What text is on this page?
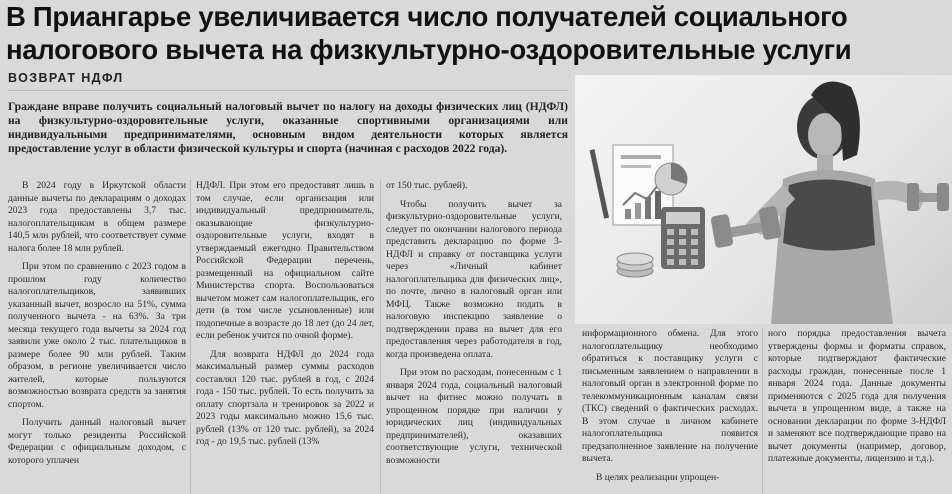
В Приангарье увеличивается число получателей социального
налогового вычета на физкультурно-оздоровительные услуги
ВОЗВРАТ НДФЛ
Граждане вправе получить социальный налоговый вычет по налогу на доходы физических лиц (НДФЛ) на физкультурно-оздоровительные услуги, оказанные спортивными организациями или индивидуальными предпринимателями, основным видом деятельности которых является предоставление услуг в области физической культуры и спорта (начиная с расходов 2022 года).

В 2024 году в Иркутской области данные вычеты по декларациям о доходах 2023 года предоставлены 3,7 тыс. налогоплательщикам в общем размере 140,5 млн рублей, что соответствует сумме налога более 18 млн рублей.

При этом по сравнению с 2023 годом в прошлом году количество налогоплательщиков, заявивших указанный вычет, возросло на 51%, сумма полученного вычета - на 63%. За три месяца текущего года вычеты за 2024 год заявили уже около 2 тыс. плательщиков в размере более 90 млн рублей. Таким образом, в регионе увеличивается число жителей, которые пользуются возможностью возврата средств за занятия спортом.

Получить данный налоговый вычет могут только резиденты Российской Федерации с официальным доходом, с которого уплачен

НДФЛ. При этом его предоставят лишь в том случае, если организация или индивидуальный предприниматель, оказывающие физкультурно-оздоровительные услуги, входят в утверждаемый ежегодно Правительством Российской Федерации перечень, размещенный на официальном сайте Министерства спорта. Воспользоваться вычетом может сам налогоплательщик, его дети (в том числе усыновленные) или подопечные в возрасте до 18 лет (до 24 лет, если ребенок учится по очной форме).

Для возврата НДФЛ до 2024 года максимальный размер суммы расходов составлял 120 тыс. рублей в год, с 2024 года - 150 тыс. рублей. То есть получить за оплату спортзала и тренировок за 2022 и 2023 годы максимально можно 15,6 тыс. рублей (13% от 120 тыс. рублей), за 2024 год - до 19,5 тыс. рублей (13%

от 150 тыс. рублей).

Чтобы получить вычет за физкультурно-оздоровительные услуги, следует по окончании налогового периода представить декларацию по форме 3-НДФЛ и справку от поставщика услуги через «Личный кабинет налогоплательщика для физических лиц», по почте, лично в налоговый орган или МФЦ. Также возможно подать в налоговую инспекцию заявление о подтверждении права на вычет для его предоставления через работодателя в год, когда произведена оплата.

При этом по расходам, понесенным с 1 января 2024 года, социальный налоговый вычет на фитнес можно получать в упрощенном порядке при наличии у юридических лиц (индивидуальных предпринимателей), оказавших соответствующие услуги, технической возможности

информационного обмена. Для этого налогоплательщику необходимо обратиться к поставщику услуги с письменным заявлением о направлении в налоговый орган в электронной форме по телекоммуникационным каналам связи (ТКС) сведений о фактических расходах. В этом случае в личном кабинете налогоплательщика появится предзаполненное заявление на получение вычета.

В целях реализации упрощен-

ного порядка предоставления вычета утверждены формы и форматы справок, которые подтверждают фактические расходы граждан, понесенные после 1 января 2024 года. Данные документы применяются с 2025 года для получения вычета в упрощенном виде, а также на основании декларации по форме 3-НДФЛ и заменяют все подтверждающие право на вычет документы (например, договор, платежные документы, лицензию и т.д.).
